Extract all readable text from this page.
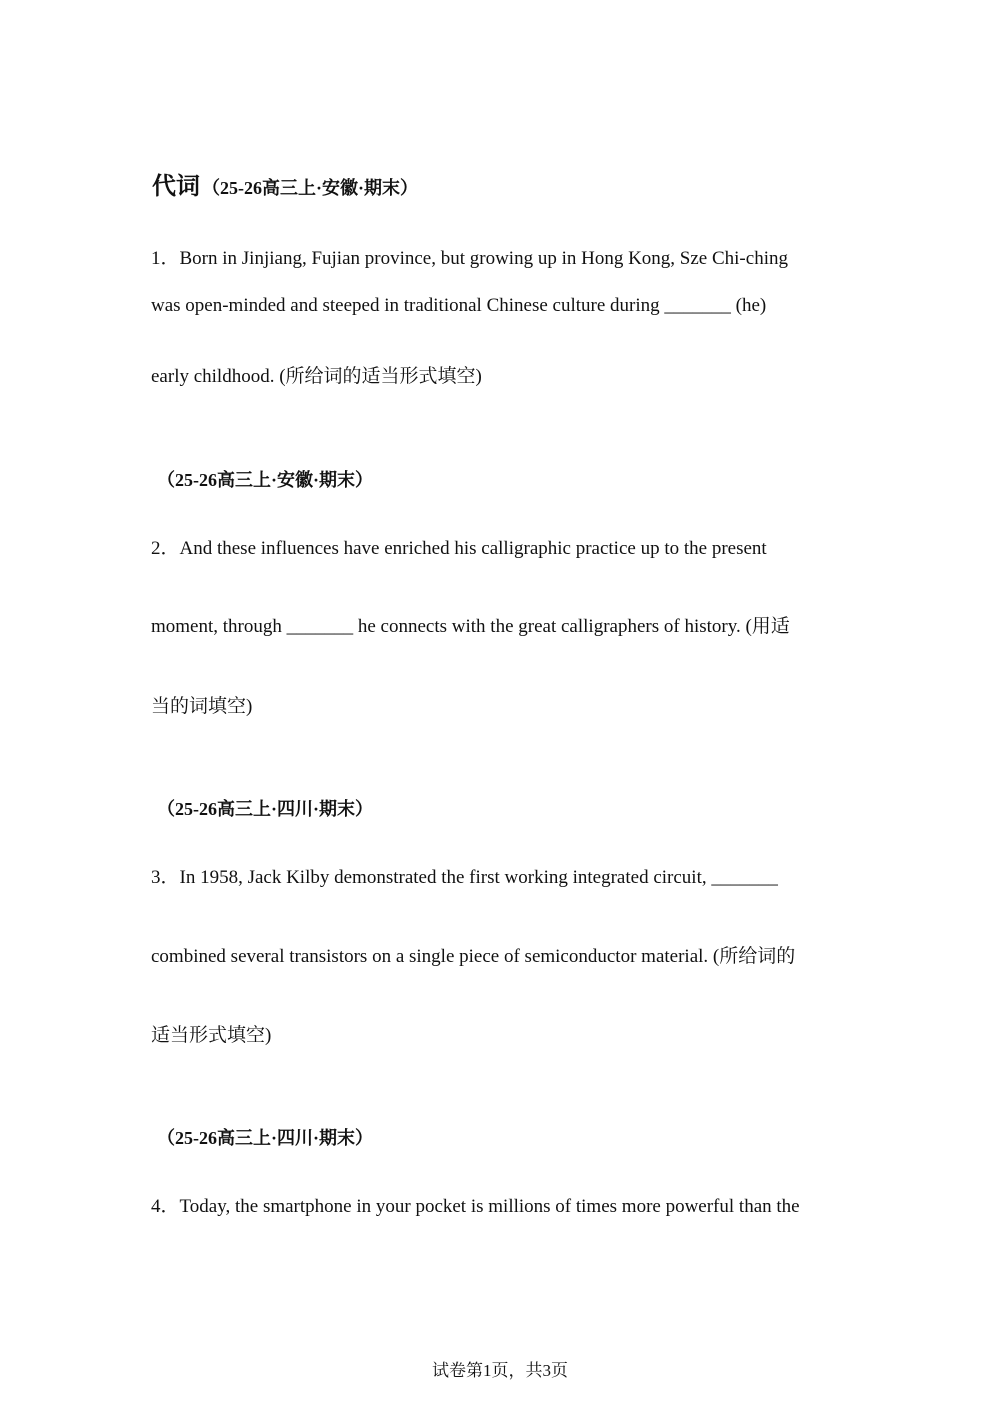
代词 （25-26高三上·安徽·期末）
1．Born in Jinjiang, Fujian province, but growing up in Hong Kong, Sze Chi-ching
was open-minded and steeped in traditional Chinese culture during _______ (he)
early childhood. (所给词的适当形式填空)
（25-26高三上·安徽·期末）
2．And these influences have enriched his calligraphic practice up to the present
moment, through _______ he connects with the great calligraphers of history. (用适
当的词填空)
（25-26高三上·四川·期末）
3．In 1958, Jack Kilby demonstrated the first working integrated circuit, _______
combined several transistors on a single piece of semiconductor material. (所给词的
适当形式填空)
（25-26高三上·四川·期末）
4．Today, the smartphone in your pocket is millions of times more powerful than the
试卷第1页，共3页
